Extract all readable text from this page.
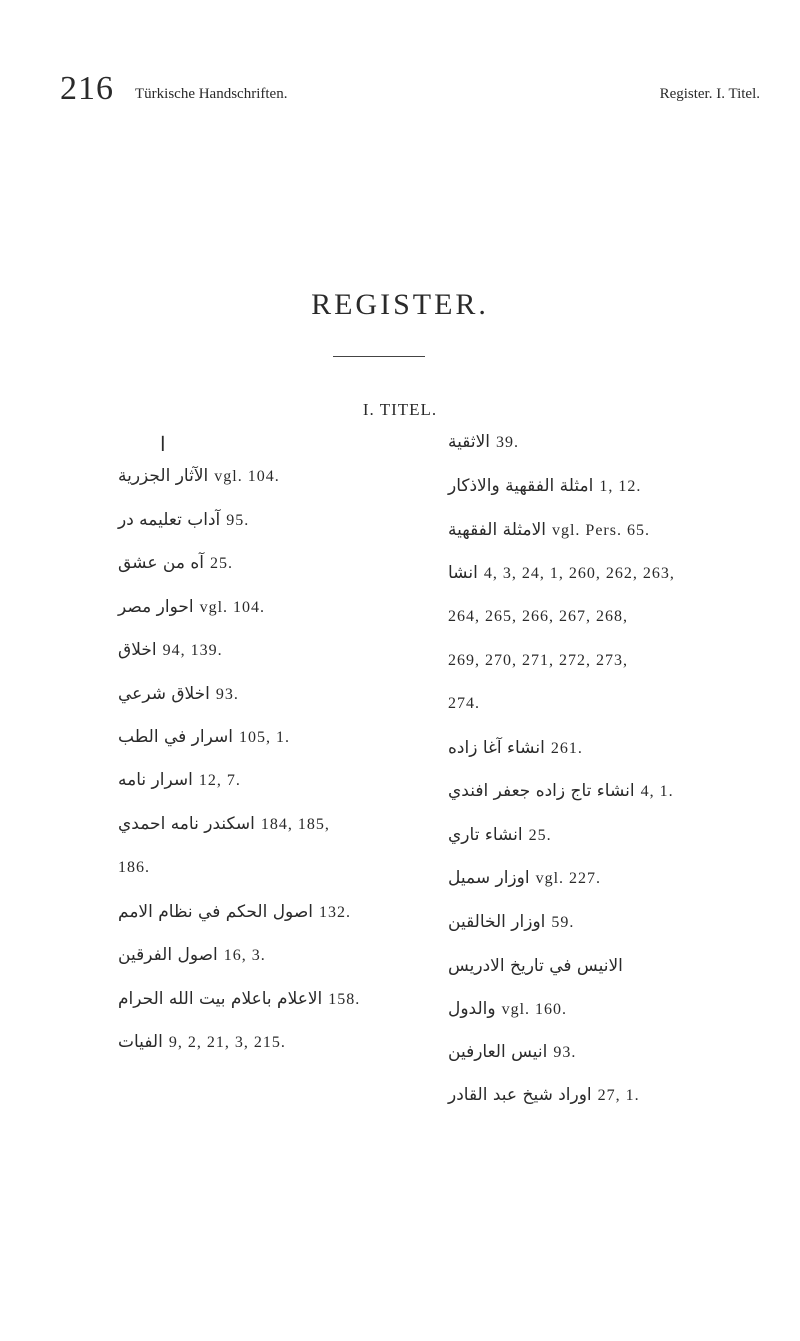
216 Türkische Handschriften.	Register. I. Titel.
REGISTER.
I. TITEL.
ا
الآثار الجزرية vgl. 104.
آداب تعليمه در 95.
آه من عشق 25.
احوار مصر vgl. 104.
اخلاق 94, 139.
اخلاق شرعي 93.
اسرار في الطب 105, 1.
اسرار نامه 12, 7.
اسكندر نامه احمدي 184, 185,
186.
اصول الحكم في نظام الامم 132.
اصول الفرقين 16, 3.
الاعلام باعلام بيت الله الحرام 158.
الفيات 9, 2, 21, 3, 215.
الاثقية 39.
امثلة الفقهية والاذكار 1, 12.
الامثلة الفقهية vgl. Pers. 65.
انشا 4, 3, 24, 1, 260, 262, 263,
264, 265, 266, 267, 268,
269, 270, 271, 272, 273,
274.
انشاء آغا زاده 261.
انشاء تاج زاده جعفر افندي 4, 1.
انشاء تاري 25.
اوزار سميل vgl. 227.
اوزار الخالقين 59.
الانيس في تاريخ الادريس
والدول vgl. 160.
انيس العارفين 93.
اوراد شيخ عبد القادر 27, 1.
